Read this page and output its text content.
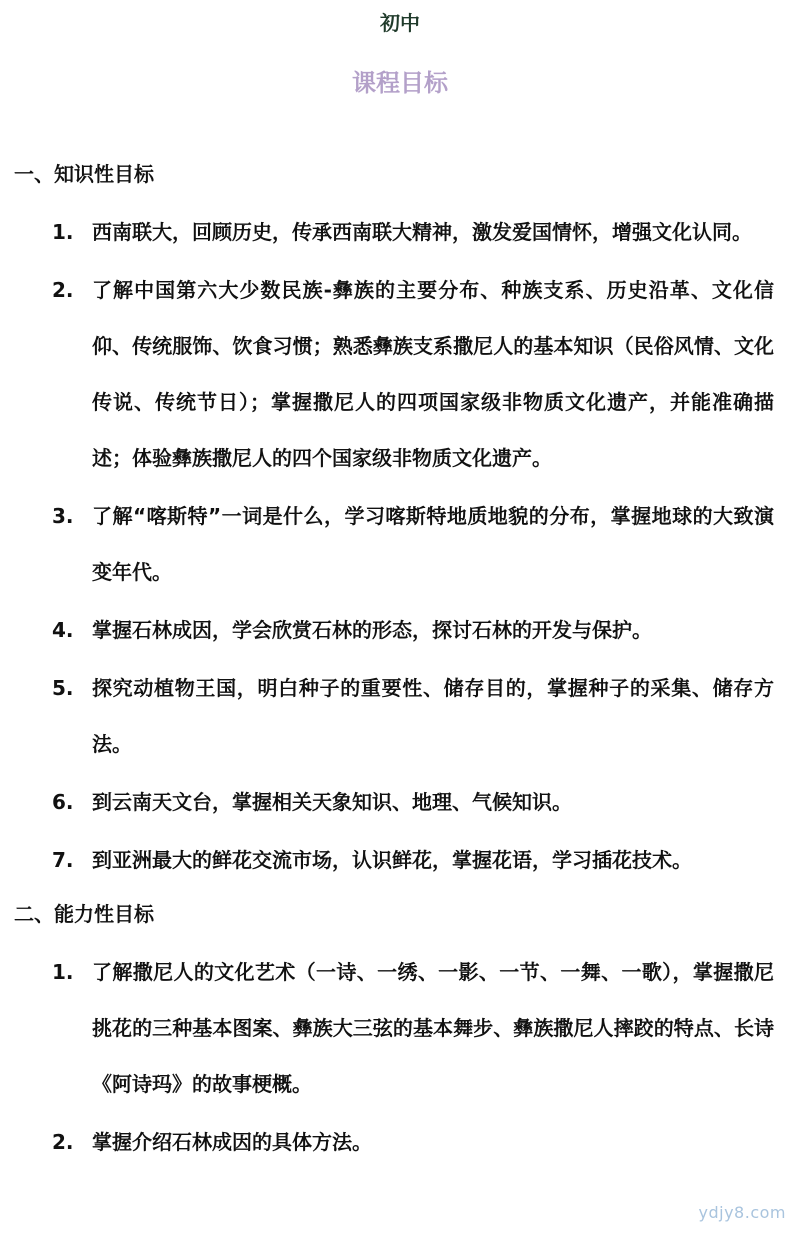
初中
课程目标
一、知识性目标
1. 西南联大，回顾历史，传承西南联大精神，激发爱国情怀，增强文化认同。
2. 了解中国第六大少数民族-彝族的主要分布、种族支系、历史沿革、文化信仰、传统服饰、饮食习惯；熟悉彝族支系撒尼人的基本知识（民俗风情、文化传说、传统节日）；掌握撒尼人的四项国家级非物质文化遗产，并能准确描述；体验彝族撒尼人的四个国家级非物质文化遗产。
3. 了解“喀斯特”一词是什么，学习喀斯特地质地貌的分布，掌握地球的大致演变年代。
4. 掌握石林成因，学会欣赏石林的形态，探讨石林的开发与保护。
5. 探究动植物王国，明白种子的重要性、储存目的，掌握种子的采集、储存方法。
6. 到云南天文台，掌握相关天象知识、地理、气候知识。
7. 到亚洲最大的鲜花交流市场，认识鲜花，掌握花语，学习插花技术。
二、能力性目标
1. 了解撒尼人的文化艺术（一诗、一绣、一影、一节、一舞、一歌），掌握撒尼挑花的三种基本图案、彝族大三弦的基本舞步、彝族撒尼人摔跤的特点、长诗《阿诗玛》的故事梗概。
2. 掌握介绍石林成因的具体方法。
ydjy8.com
